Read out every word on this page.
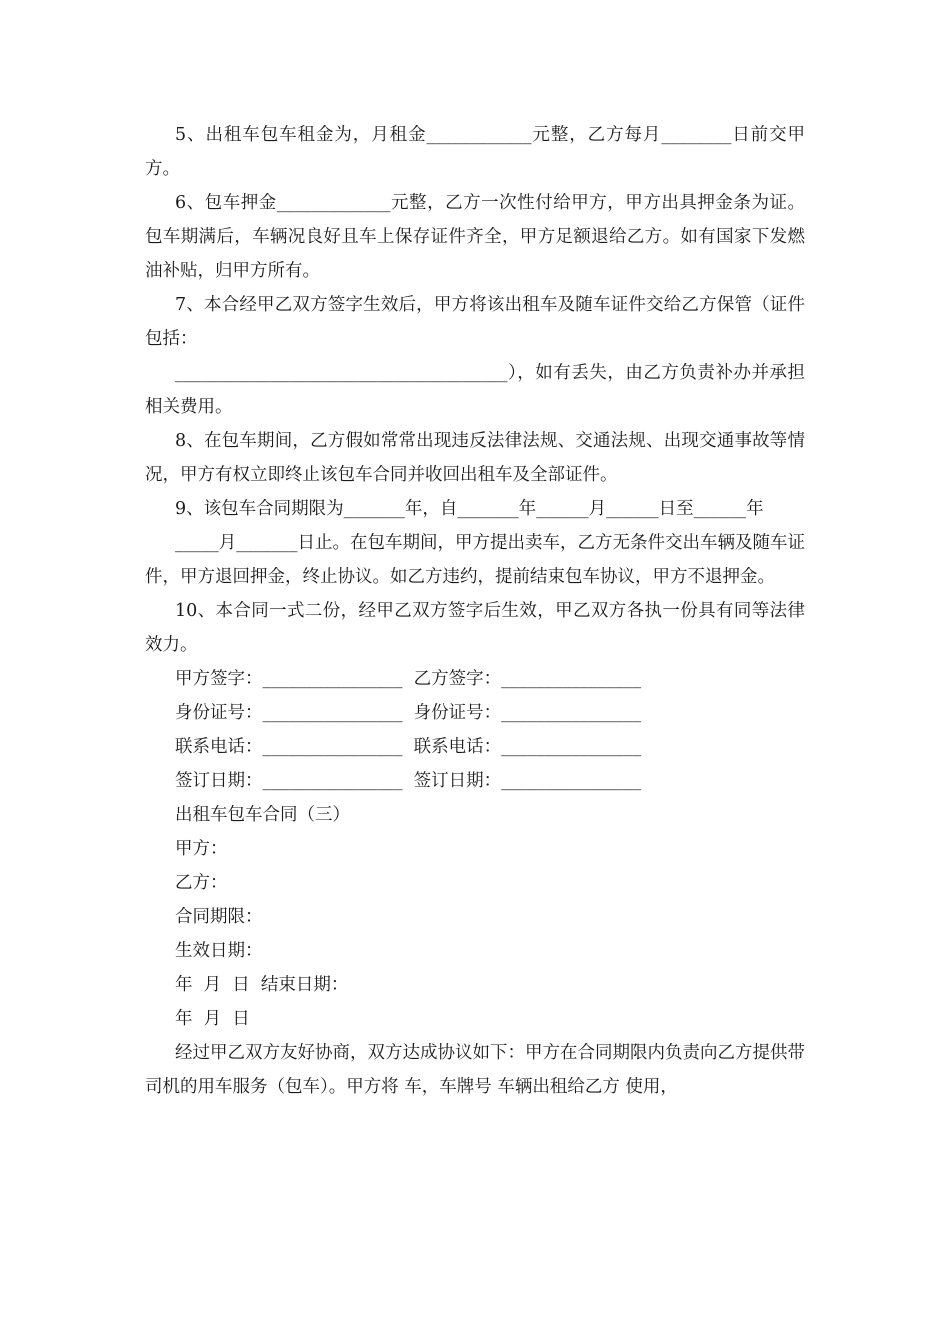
5、出租车包车租金为，月租金____________元整，乙方每月________日前交甲方。

6、包车押金_____________元整，乙方一次性付给甲方，甲方出具押金条为证。包车期满后，车辆况良好且车上保存证件齐全，甲方足额退给乙方。如有国家下发燃油补贴，归甲方所有。

7、本合经甲乙双方签字生效后，甲方将该出租车及随车证件交给乙方保管（证件包括：

______________________________________），如有丢失，由乙方负责补办并承担相关费用。

8、在包车期间，乙方假如常常出现违反法律法规、交通法规、出现交通事故等情况，甲方有权立即终止该包车合同并收回出租车及全部证件。

9、该包车合同期限为_______年，自_______年______月______日至______年

_____月_______日止。在包车期间，甲方提出卖车，乙方无条件交出车辆及随车证件，甲方退回押金，终止协议。如乙方违约，提前结束包车协议，甲方不退押金。

10、本合同一式二份，经甲乙双方签字后生效，甲乙双方各执一份具有同等法律效力。

甲方签字：________________  乙方签字：________________

身份证号：________________  身份证号：________________

联系电话：________________  联系电话：________________

签订日期：________________  签订日期：________________

出租车包车合同（三）

甲方：

乙方：

合同期限：

生效日期：

年  月  日  结束日期：

年  月  日

经过甲乙双方友好协商，双方达成协议如下：甲方在合同期限内负责向乙方提供带司机的用车服务（包车）。甲方将 车，车牌号 车辆出租给乙方 使用，
